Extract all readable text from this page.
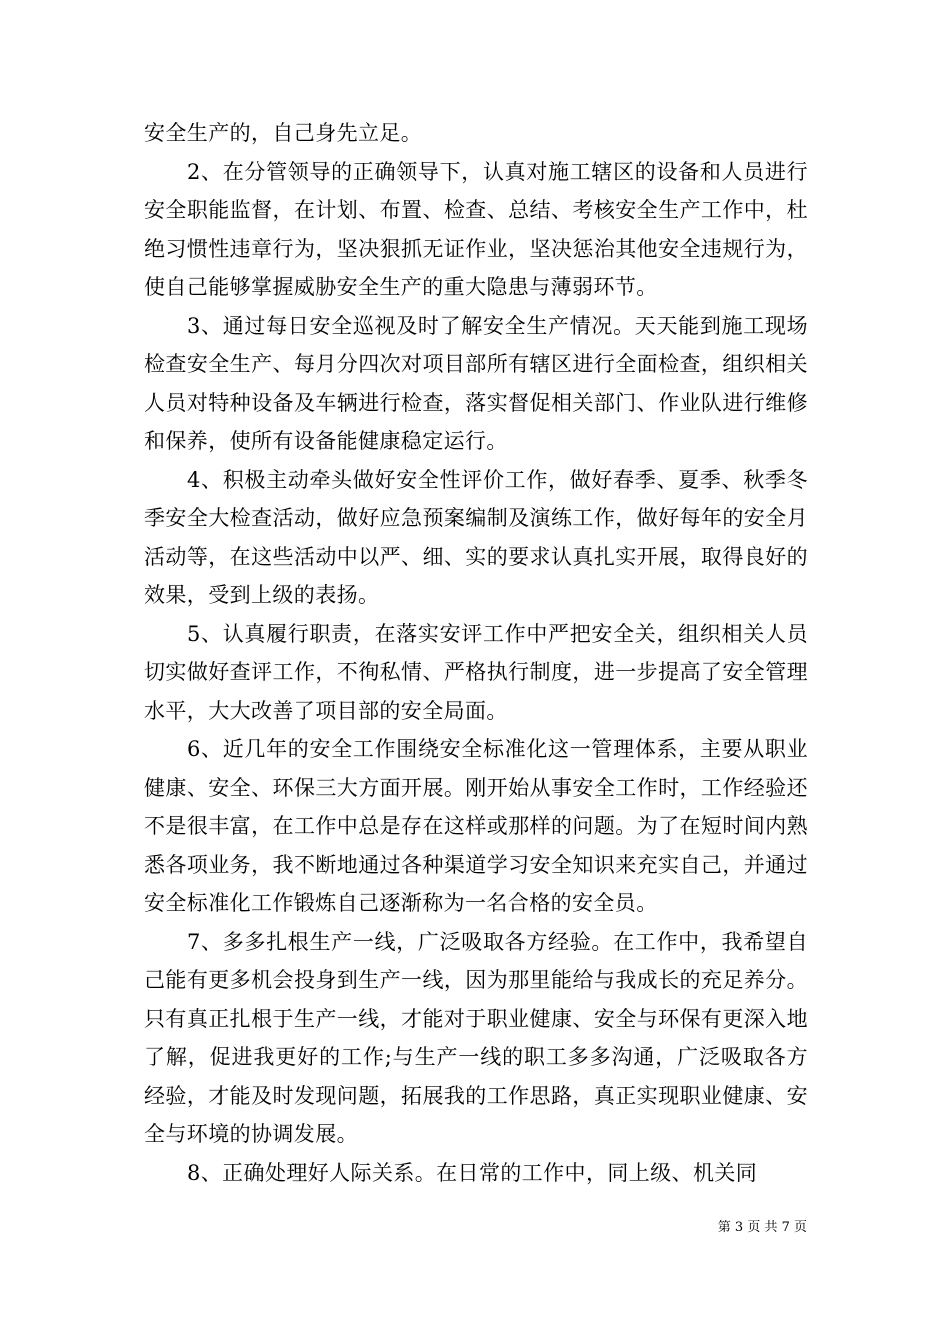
安全生产的，自己身先立足。

2、在分管领导的正确领导下，认真对施工辖区的设备和人员进行安全职能监督，在计划、布置、检查、总结、考核安全生产工作中，杜绝习惯性违章行为，坚决狠抓无证作业，坚决惩治其他安全违规行为，使自己能够掌握威胁安全生产的重大隐患与薄弱环节。

3、通过每日安全巡视及时了解安全生产情况。天天能到施工现场检查安全生产、每月分四次对项目部所有辖区进行全面检查，组织相关人员对特种设备及车辆进行检查，落实督促相关部门、作业队进行维修和保养，使所有设备能健康稳定运行。

4、积极主动牵头做好安全性评价工作，做好春季、夏季、秋季冬季安全大检查活动，做好应急预案编制及演练工作，做好每年的安全月活动等，在这些活动中以严、细、实的要求认真扎实开展，取得良好的效果，受到上级的表扬。

5、认真履行职责，在落实安评工作中严把安全关，组织相关人员切实做好查评工作，不徇私情、严格执行制度，进一步提高了安全管理水平，大大改善了项目部的安全局面。

6、近几年的安全工作围绕安全标准化这一管理体系，主要从职业健康、安全、环保三大方面开展。刚开始从事安全工作时，工作经验还不是很丰富，在工作中总是存在这样或那样的问题。为了在短时间内熟悉各项业务，我不断地通过各种渠道学习安全知识来充实自己，并通过安全标准化工作锻炼自己逐渐称为一名合格的安全员。

7、多多扎根生产一线，广泛吸取各方经验。在工作中，我希望自己能有更多机会投身到生产一线，因为那里能给与我成长的充足养分。只有真正扎根于生产一线，才能对于职业健康、安全与环保有更深入地了解，促进我更好的工作;与生产一线的职工多多沟通，广泛吸取各方经验，才能及时发现问题，拓展我的工作思路，真正实现职业健康、安全与环境的协调发展。

8、正确处理好人际关系。在日常的工作中，同上级、机关同

第 3 页 共 7 页
